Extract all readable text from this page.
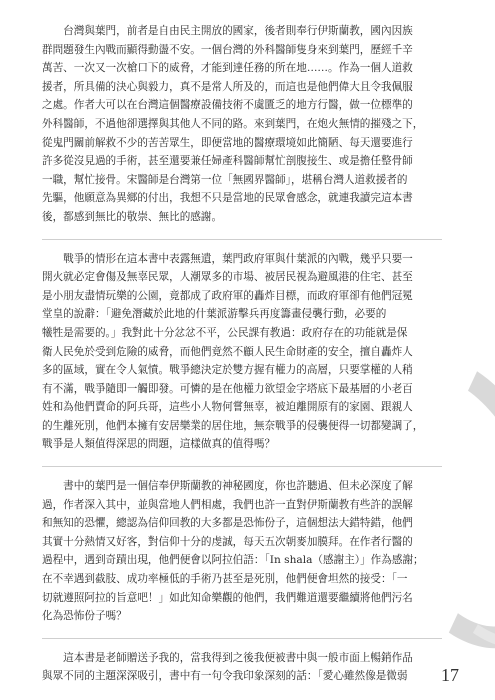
　　台灣與葉門，前者是自由民主開放的國家，後者則奉行伊斯蘭教，國內因族

群問題發生內戰而顯得動盪不安。一個台灣的外科醫師隻身來到葉門，歷經千辛

萬苦、一次又一次槍口下的威脅，才能到達任務的所在地……。作為一個人道救

援者，所具備的決心與毅力，真不是常人所及的，而這也是他們偉大且令我佩服

之處。作者大可以在台灣這個醫療設備技術不虞匱乏的地方行醫，做一位標準的

外科醫師，不過他卻選擇與其他人不同的路。來到葉門，在炮火無情的摧殘之下，

從鬼門關前解救不少的苦苦眾生，即便當地的醫療環境如此簡陋、每天還要進行

許多從沒見過的手術，甚至還要兼任婦產科醫師幫忙剖腹接生、或是擔任整骨師

一職，幫忙接骨。宋醫師是台灣第一位「無國界醫師」，堪稱台灣人道救援者的

先驅，他願意為異鄉的付出，我想不只是當地的民眾會感念，就連我讀完這本書

後，都感到無比的敬崇、無比的感謝。

　　戰爭的情形在這本書中表露無遺，葉門政府軍與什葉派的內戰，幾乎只要一

開火就必定會傷及無辜民眾，人潮眾多的市場、被居民視為避風港的住宅、甚至

是小朋友盡情玩樂的公園，竟都成了政府軍的轟炸目標，而政府軍卻有他們冠冕

堂皇的說辭：「避免潛藏於此地的什葉派游擊兵再度籌畫侵襲行動，必要的

犧牲是需要的。」我對此十分忿忿不平，公民課有教過：政府存在的功能就是保

衛人民免於受到危險的威脅，而他們竟然不顧人民生命財產的安全，擅自轟炸人

多的區域，實在令人氣憤。戰爭總決定於雙方握有權力的高層，只要掌權的人稍

有不滿，戰爭隨即一觸即發。可憐的是在他權力欲望金字塔底下最基層的小老百

姓和為他們賣命的阿兵哥，這些小人物何嘗無辜，被迫離開原有的家園、跟親人

的生離死別，他們本擁有安居樂業的居住地，無奈戰爭的侵襲便得一切都變調了，

戰爭是人類值得深思的問題，這樣做真的值得嗎？

　　書中的葉門是一個信奉伊斯蘭教的神秘國度，你也許聽過、但未必深度了解

過，作者深入其中，並與當地人們相處，我們也許一直對伊斯蘭教有些許的誤解

和無知的恐懼，總認為信仰回教的大多都是恐怖份子，這個想法大錯特錯，他們

其實十分熱情又好客，對信仰十分的虔誠，每天五次朝麥加膜拜。在作者行醫的

過程中，遇到奇蹟出現，他們便會以阿拉伯語：「In shala（感謝主）」作為感謝；

在不幸遇到截肢、成功率極低的手術乃甚至是死別，他們便會坦然的接受：「一

切就遵照阿拉的旨意吧！」如此知命樂觀的他們，我們難道還要繼續將他們污名

化為恐怖份子嗎？

　　這本書是老師贈送予我的，當我得到之後我便被書中與一般市面上暢銷作品

與眾不同的主題深深吸引，書中有一句令我印象深刻的話：「愛心雖然像是微弱	17
